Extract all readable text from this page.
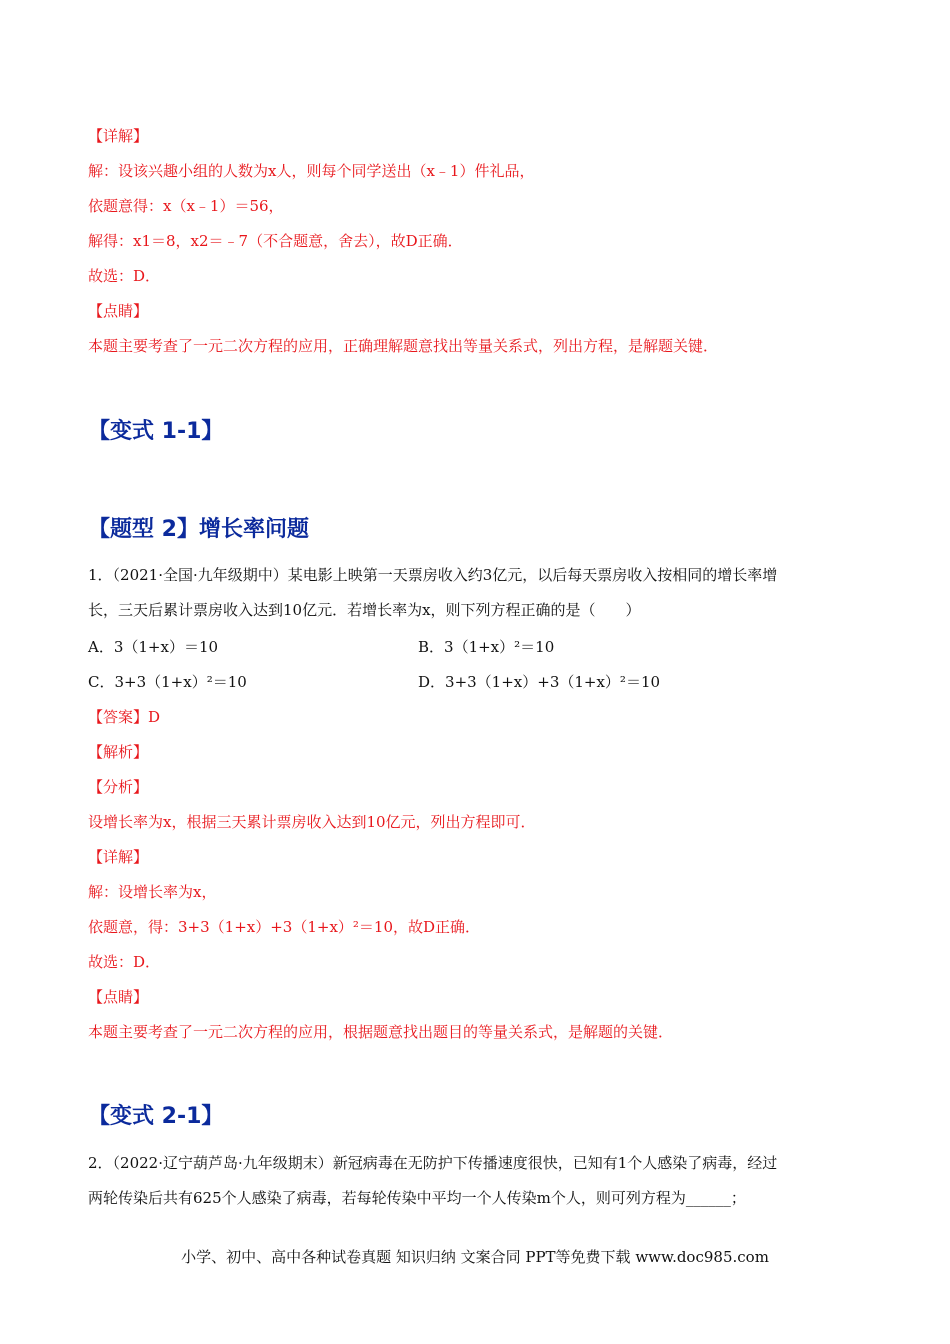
【详解】
解：设该兴趣小组的人数为x人，则每个同学送出（x﹣1）件礼品，
依题意得：x（x﹣1）＝56，
解得：x1＝8，x2＝﹣7（不合题意，舍去），故D正确．
故选：D．
【点睛】
本题主要考查了一元二次方程的应用，正确理解题意找出等量关系式，列出方程，是解题关键．
【变式 1-1】
【题型 2】增长率问题
1．（2021·全国·九年级期中）某电影上映第一天票房收入约3亿元，以后每天票房收入按相同的增长率增
长，三天后累计票房收入达到10亿元．若增长率为x，则下列方程正确的是（　　）
A．3（1+x）＝10	B．3（1+x）²＝10
C．3+3（1+x）²＝10	D．3+3（1+x）+3（1+x）²＝10
【答案】D
【解析】
【分析】
设增长率为x，根据三天累计票房收入达到10亿元，列出方程即可．
【详解】
解：设增长率为x，
依题意，得：3+3（1+x）+3（1+x）²＝10，故D正确．
故选：D．
【点睛】
本题主要考查了一元二次方程的应用，根据题意找出题目的等量关系式，是解题的关键．
【变式 2-1】
2．（2022·辽宁葫芦岛·九年级期末）新冠病毒在无防护下传播速度很快，已知有1个人感染了病毒，经过
两轮传染后共有625个人感染了病毒，若每轮传染中平均一个人传染m个人，则可列方程为______；
小学、初中、高中各种试卷真题 知识归纳 文案合同 PPT等免费下载 www.doc985.com
